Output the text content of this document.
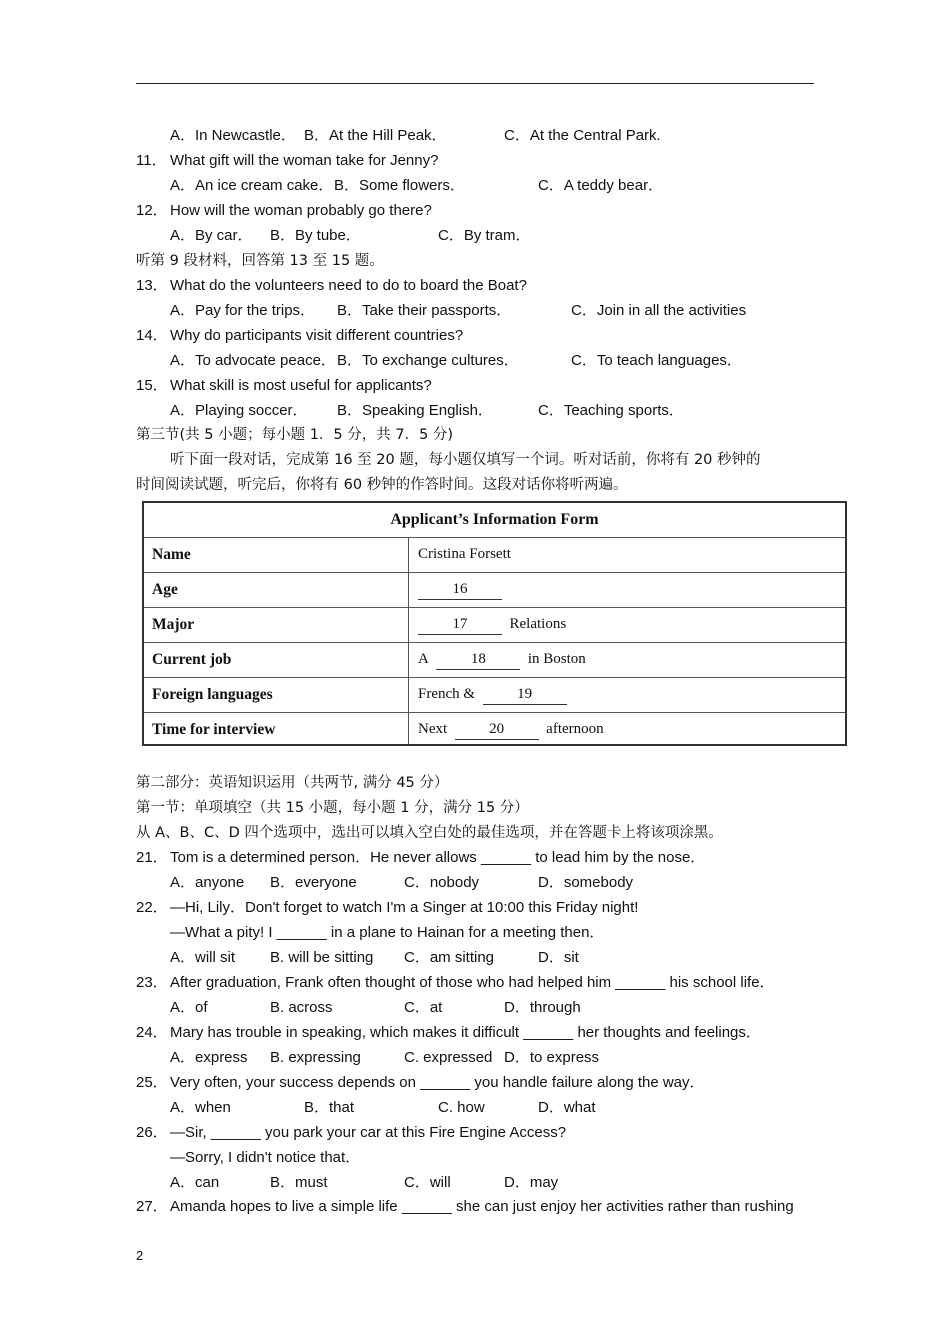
A．In Newcastle． B．At the Hill Peak．	C．At the Central Park.
11． What gift will the woman take for Jenny?
A．An ice cream cake． B．Some flowers．	C．A teddy bear．
12． How will the woman probably go there?
A．By car． B．By tube．	C．By tram．
听第 9 段材料，回答第 13 至 15 题。
13． What do the volunteers need to do to board the Boat?
A．Pay for the trips． B．Take their passports．	C．Join in all the activities
14． Why do participants visit different countries?
A．To advocate peace． B．To exchange cultures．	C．To teach languages．
15． What skill is most useful for applicants?
A．Playing soccer． B．Speaking English．	C．Teaching sports．
第三节(共 5 小题；每小题 1．5 分，共 7．5 分)
听下面一段对话，完成第 16 至 20 题，每小题仅填写一个词。听对话前，你将有 20 秒钟的
时间阅读试题，听完后，你将有 60 秒钟的作答时间。这段对话你将听两遍。
Applicant’s Information Form
Name	Cristina Forsett
Age	16
Major	17	Relations
Current job	A	18	in Boston
Foreign languages	French &	19
Time for interview	Next	20	afternoon
第二部分：英语知识运用（共两节, 满分 45 分）
第一节：单项填空（共 15 小题，每小题 1 分，满分 15 分）
从 A、B、C、D 四个选项中，选出可以填入空白处的最佳选项，并在答题卡上将该项涂黑。
21． Tom is a determined person．He never allows ______ to lead him by the nose．
A．anyone B．everyone	C．nobody	D．somebody
22． —Hi, Lily．Don't forget to watch I'm a Singer at 10:00 this Friday night!
—What a pity! I ______ in a plane to Hainan for a meeting then．
A．will sit B. will be sitting C．am sitting	D．sit
23． After graduation, Frank often thought of those who had helped him ______ his school life．
A．of	B. across	C．at	D．through
24． Mary has trouble in speaking, which makes it difficult ______ her thoughts and feelings．
A．express B. expressing	C. expressed D．to express
25． Very often, your success depends on ______ you handle failure along the way．
A．when	B．that	C. how	D．what
26． —Sir, ______ you park your car at this Fire Engine Access?
—Sorry, I didn't notice that．
A．can	B．must	C．will	D．may
27． Amanda hopes to live a simple life ______ she can just enjoy her activities rather than rushing
2
